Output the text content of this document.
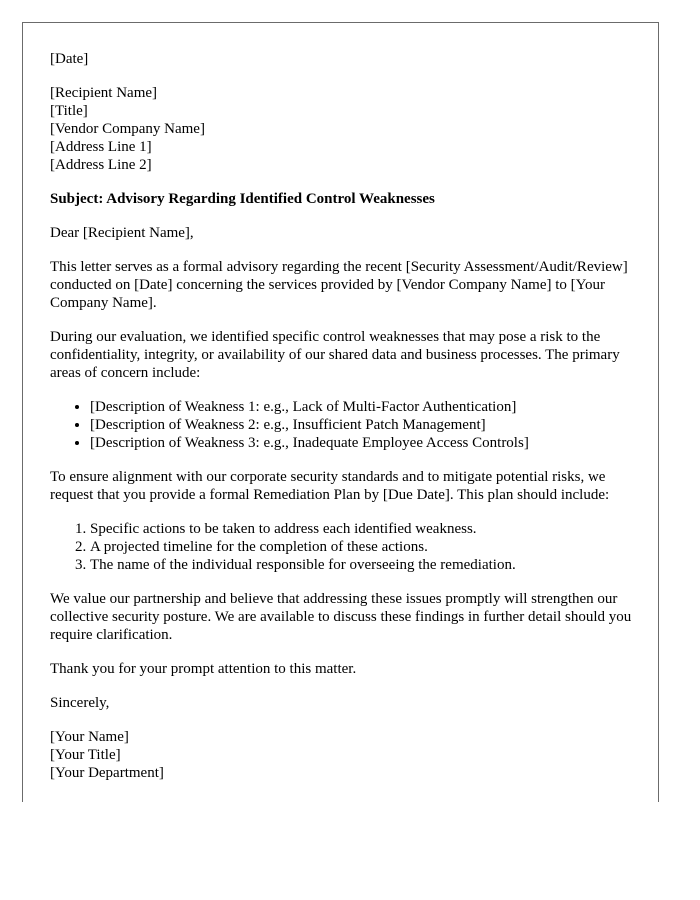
[Date]
[Recipient Name]
[Title]
[Vendor Company Name]
[Address Line 1]
[Address Line 2]
Subject: Advisory Regarding Identified Control Weaknesses
Dear [Recipient Name],
This letter serves as a formal advisory regarding the recent [Security Assessment/Audit/Review] conducted on [Date] concerning the services provided by [Vendor Company Name] to [Your Company Name].
During our evaluation, we identified specific control weaknesses that may pose a risk to the confidentiality, integrity, or availability of our shared data and business processes. The primary areas of concern include:
• [Description of Weakness 1: e.g., Lack of Multi-Factor Authentication]
• [Description of Weakness 2: e.g., Insufficient Patch Management]
• [Description of Weakness 3: e.g., Inadequate Employee Access Controls]
To ensure alignment with our corporate security standards and to mitigate potential risks, we request that you provide a formal Remediation Plan by [Due Date]. This plan should include:
1. Specific actions to be taken to address each identified weakness.
2. A projected timeline for the completion of these actions.
3. The name of the individual responsible for overseeing the remediation.
We value our partnership and believe that addressing these issues promptly will strengthen our collective security posture. We are available to discuss these findings in further detail should you require clarification.
Thank you for your prompt attention to this matter.
Sincerely,
[Your Name]
[Your Title]
[Your Department]
